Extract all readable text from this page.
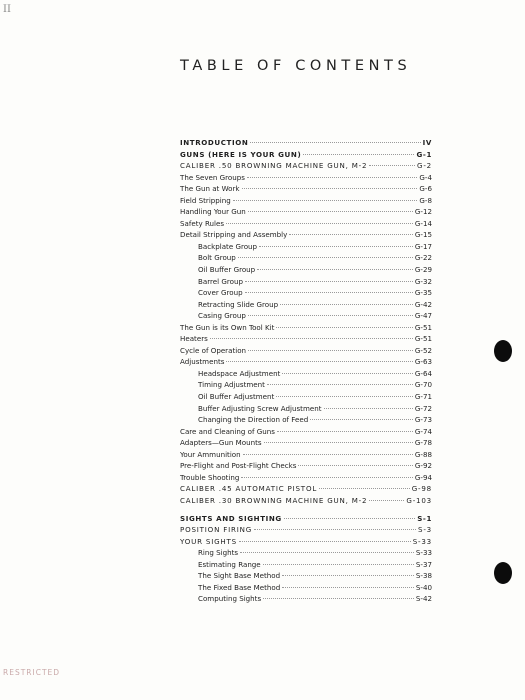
II
TABLE OF CONTENTS
INTRODUCTION	IV
GUNS (HERE IS YOUR GUN)	G-1
CALIBER .50 BROWNING MACHINE GUN, M-2	G-2
The Seven Groups	G-4
The Gun at Work	G-6
Field Stripping	G-8
Handling Your Gun	G-12
Safety Rules	G-14
Detail Stripping and Assembly	G-15
Backplate Group	G-17
Bolt Group	G-22
Oil Buffer Group	G-29
Barrel Group	G-32
Cover Group	G-35
Retracting Slide Group	G-42
Casing Group	G-47
The Gun is its Own Tool Kit	G-51
Heaters	G-51
Cycle of Operation	G-52
Adjustments	G-63
Headspace Adjustment	G-64
Timing Adjustment	G-70
Oil Buffer Adjustment	G-71
Buffer Adjusting Screw Adjustment	G-72
Changing the Direction of Feed	G-73
Care and Cleaning of Guns	G-74
Adapters—Gun Mounts	G-78
Your Ammunition	G-88
Pre-Flight and Post-Flight Checks	G-92
Trouble Shooting	G-94
CALIBER .45 AUTOMATIC PISTOL	G-98
CALIBER .30 BROWNING MACHINE GUN, M-2	G-103
SIGHTS AND SIGHTING	S-1
POSITION FIRING	S-3
YOUR SIGHTS	S-33
Ring Sights	S-33
Estimating Range	S-37
The Sight Base Method	S-38
The Fixed Base Method	S-40
Computing Sights	S-42
RESTRICTED
